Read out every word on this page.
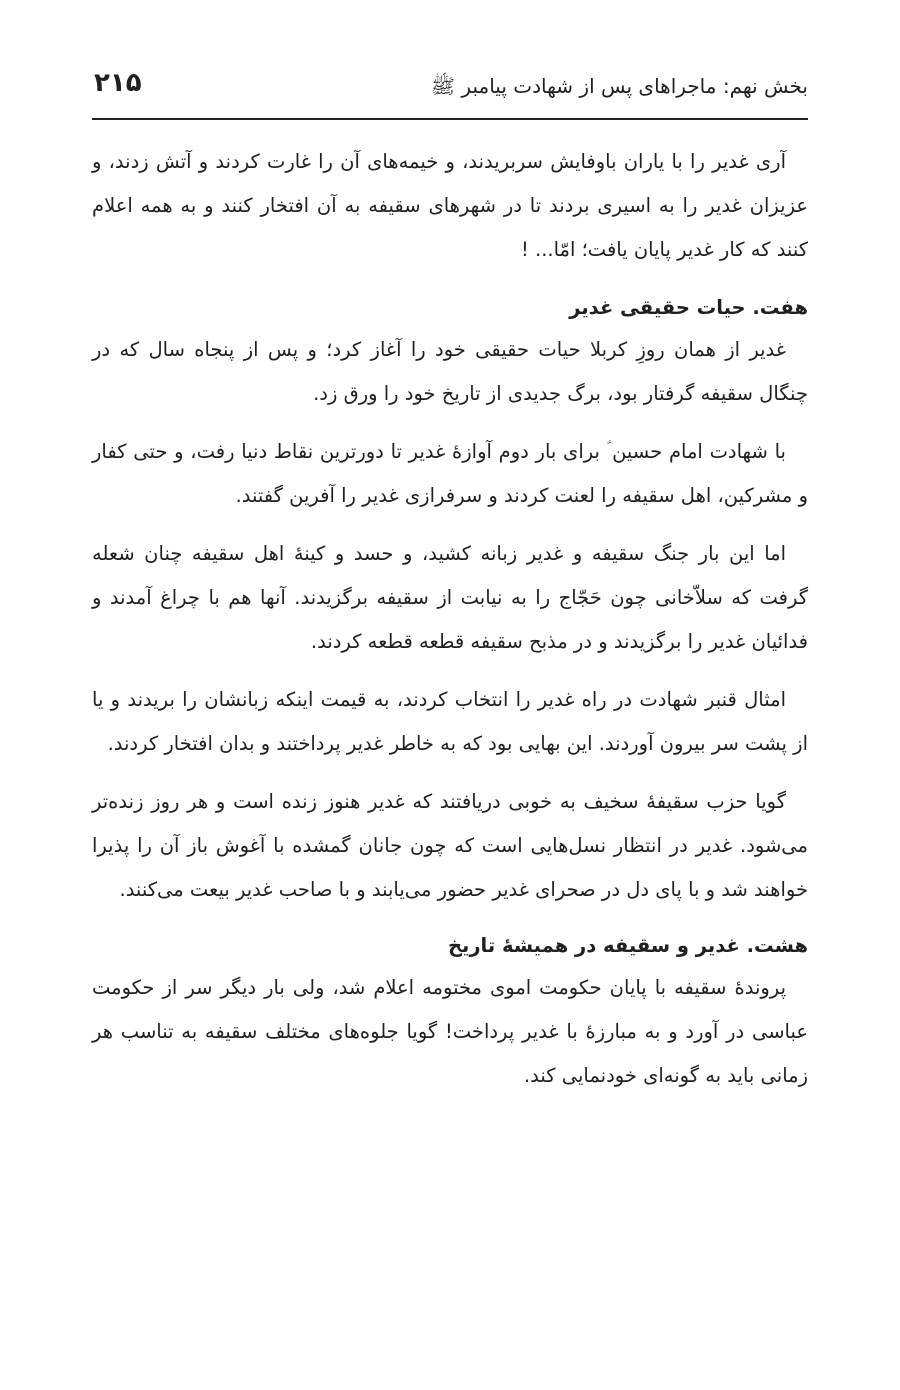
بخش نهم: ماجراهای پس از شهادت پیامبر ﷺ
۲۱۵

آری غدیر را با یاران باوفایش سربریدند، و خیمه‌های آن را غارت کردند و آتش زدند، و عزیزان غدیر را به اسیری بردند تا در شهرهای سقیفه به آن افتخار کنند و به همه اعلام کنند که کار غدیر پایان یافت؛ امّا... !

هفت. حیات حقیقی غدیر

غدیر از همان روزِ کربلا حیات حقیقی خود را آغاز کرد؛ و پس از پنجاه سال که در چنگال سقیفه گرفتار بود، برگ جدیدی از تاریخ خود را ورق زد.

با شهادت امام حسین ؑ برای بار دوم آوازهٔ غدیر تا دورترین نقاط دنیا رفت، و حتی کفار و مشرکین، اهل سقیفه را لعنت کردند و سرفرازی غدیر را آفرین گفتند.

اما این بار جنگ سقیفه و غدیر زبانه کشید، و حسد و کینهٔ اهل سقیفه چنان شعله گرفت که سلاّخانی چون حَجّاج را به نیابت از سقیفه برگزیدند. آنها هم با چراغ آمدند و فدائیان غدیر را برگزیدند و در مذبح سقیفه قطعه قطعه کردند.

امثال قنبر شهادت در راه غدیر را انتخاب کردند، به قیمت اینکه زبانشان را بریدند و یا از پشت سر بیرون آوردند. این بهایی بود که به خاطر غدیر پرداختند و بدان افتخار کردند.

گویا حزب سقیفهٔ سخیف به خوبی دریافتند که غدیر هنوز زنده است و هر روز زنده‌تر می‌شود. غدیر در انتظار نسل‌هایی است که چون جانان گمشده با آغوش باز آن را پذیرا خواهند شد و با پای دل در صحرای غدیر حضور می‌یابند و با صاحب غدیر بیعت می‌کنند.

هشت. غدیر و سقیفه در همیشهٔ تاریخ

پروندهٔ سقیفه با پایان حکومت اموی مختومه اعلام شد، ولی بار دیگر سر از حکومت عباسی در آورد و به مبارزهٔ با غدیر پرداخت! گویا جلوه‌های مختلف سقیفه به تناسب هر زمانی باید به گونه‌ای خودنمایی کند.
